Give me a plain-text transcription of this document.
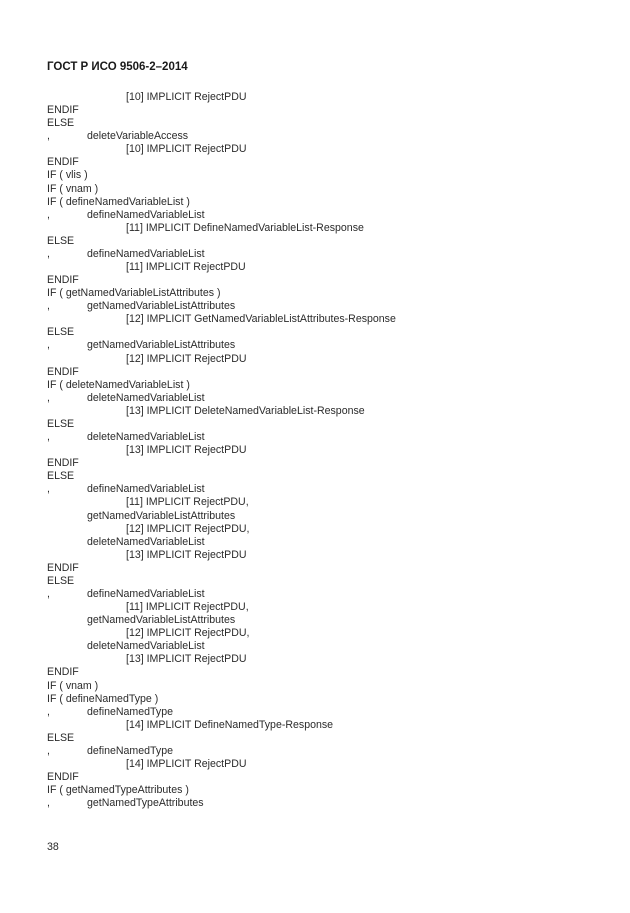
ГОСТ Р ИСО 9506-2–2014
[10] IMPLICIT RejectPDU
ENDIF
ELSE
,	deleteVariableAccess
[10] IMPLICIT RejectPDU
ENDIF
IF ( vlis )
IF ( vnam )
IF ( defineNamedVariableList )
,	defineNamedVariableList
[11] IMPLICIT DefineNamedVariableList-Response
ELSE
,	defineNamedVariableList
[11] IMPLICIT RejectPDU
ENDIF
IF ( getNamedVariableListAttributes )
,	getNamedVariableListAttributes
[12] IMPLICIT GetNamedVariableListAttributes-Response
ELSE
,	getNamedVariableListAttributes
[12] IMPLICIT RejectPDU
ENDIF
IF ( deleteNamedVariableList )
,	deleteNamedVariableList
[13] IMPLICIT DeleteNamedVariableList-Response
ELSE
,	deleteNamedVariableList
[13] IMPLICIT RejectPDU
ENDIF
ELSE
,	defineNamedVariableList
[11] IMPLICIT RejectPDU,
getNamedVariableListAttributes
[12] IMPLICIT RejectPDU,
deleteNamedVariableList
[13] IMPLICIT RejectPDU
ENDIF
ELSE
,	defineNamedVariableList
[11] IMPLICIT RejectPDU,
getNamedVariableListAttributes
[12] IMPLICIT RejectPDU,
deleteNamedVariableList
[13] IMPLICIT RejectPDU
ENDIF
IF ( vnam )
IF ( defineNamedType )
,	defineNamedType
[14] IMPLICIT DefineNamedType-Response
ELSE
,	defineNamedType
[14] IMPLICIT RejectPDU
ENDIF
IF ( getNamedTypeAttributes )
,	getNamedTypeAttributes
38
